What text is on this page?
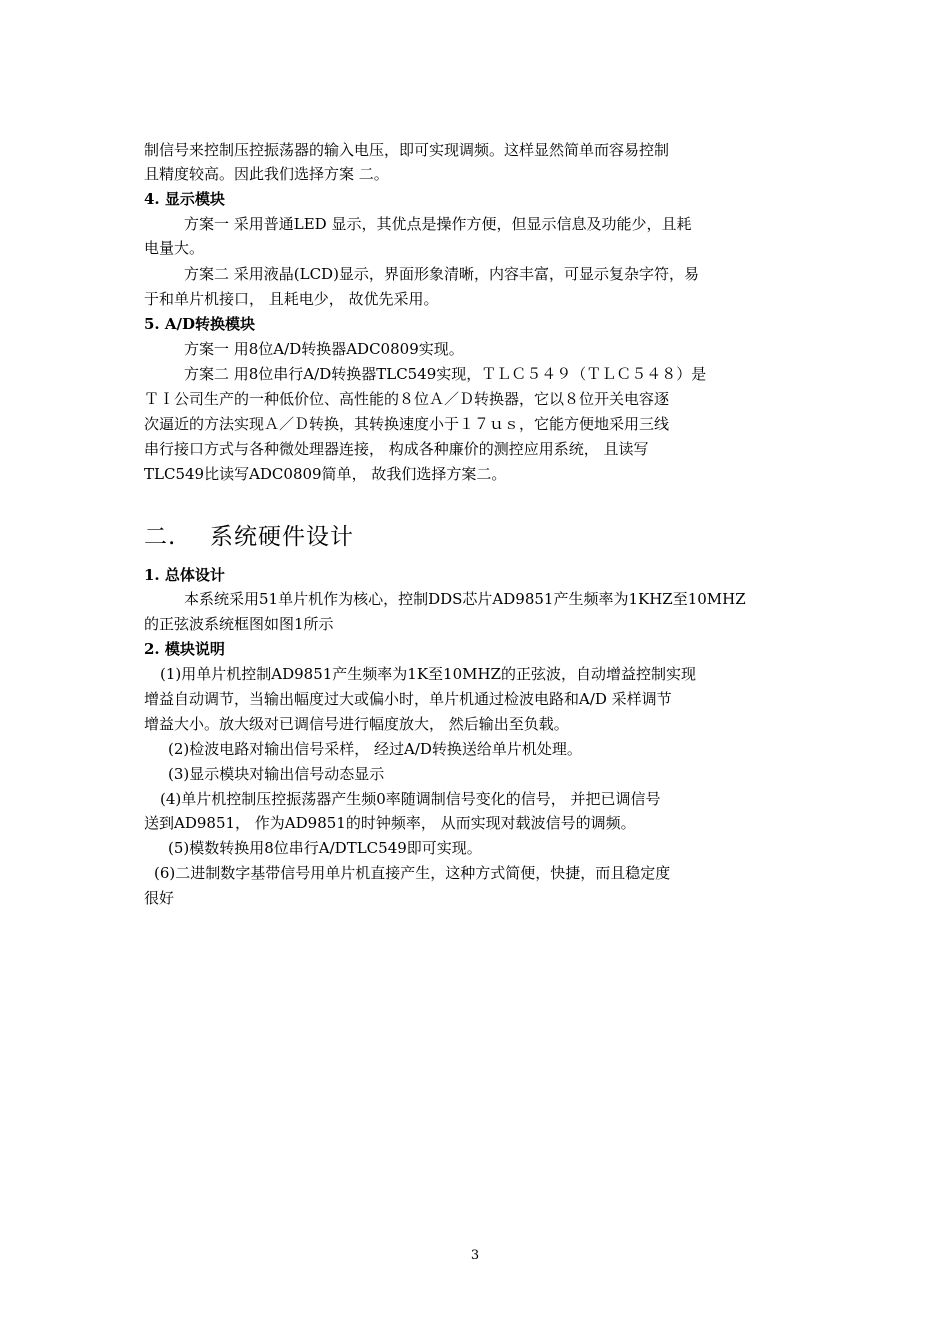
制信号来控制压控振荡器的输入电压，即可实现调频。这样显然简单而容易控制
且精度较高。因此我们选择方案 二。
4. 显示模块
方案一 采用普通LED 显示，其优点是操作方便，但显示信息及功能少，且耗
电量大。
方案二 采用液晶(LCD)显示，界面形象清晰，内容丰富，可显示复杂字符，易
于和单片机接口， 且耗电少， 故优先采用。
5. A/D转换模块
方案一 用8位A/D转换器ADC0809实现。
方案二 用8位串行A/D转换器TLC549实现，ＴＬＣ５４９（ＴＬＣ５４８）是
ＴＩ公司生产的一种低价位、高性能的８位Ａ／Ｄ转换器，它以８位开关电容逐
次逼近的方法实现Ａ／Ｄ转换，其转换速度小于１７ｕｓ，它能方便地采用三线
串行接口方式与各种微处理器连接， 构成各种廉价的测控应用系统， 且读写
TLC549比读写ADC0809简单， 故我们选择方案二。
二. 系统硬件设计
1. 总体设计
本系统采用51单片机作为核心，控制DDS芯片AD9851产生频率为1KHZ至10MHZ
的正弦波系统框图如图1所示
2. 模块说明
(1)用单片机控制AD9851产生频率为1K至10MHZ的正弦波，自动增益控制实现
增益自动调节，当输出幅度过大或偏小时，单片机通过检波电路和A/D 采样调节
增益大小。放大级对已调信号进行幅度放大， 然后输出至负载。
(2)检波电路对输出信号采样， 经过A/D转换送给单片机处理。
(3)显示模块对输出信号动态显示
(4)单片机控制压控振荡器产生频0率随调制信号变化的信号， 并把已调信号
送到AD9851， 作为AD9851的时钟频率， 从而实现对载波信号的调频。
(5)模数转换用8位串行A/DTLC549即可实现。
(6)二进制数字基带信号用单片机直接产生，这种方式简便，快捷，而且稳定度
很好
3
